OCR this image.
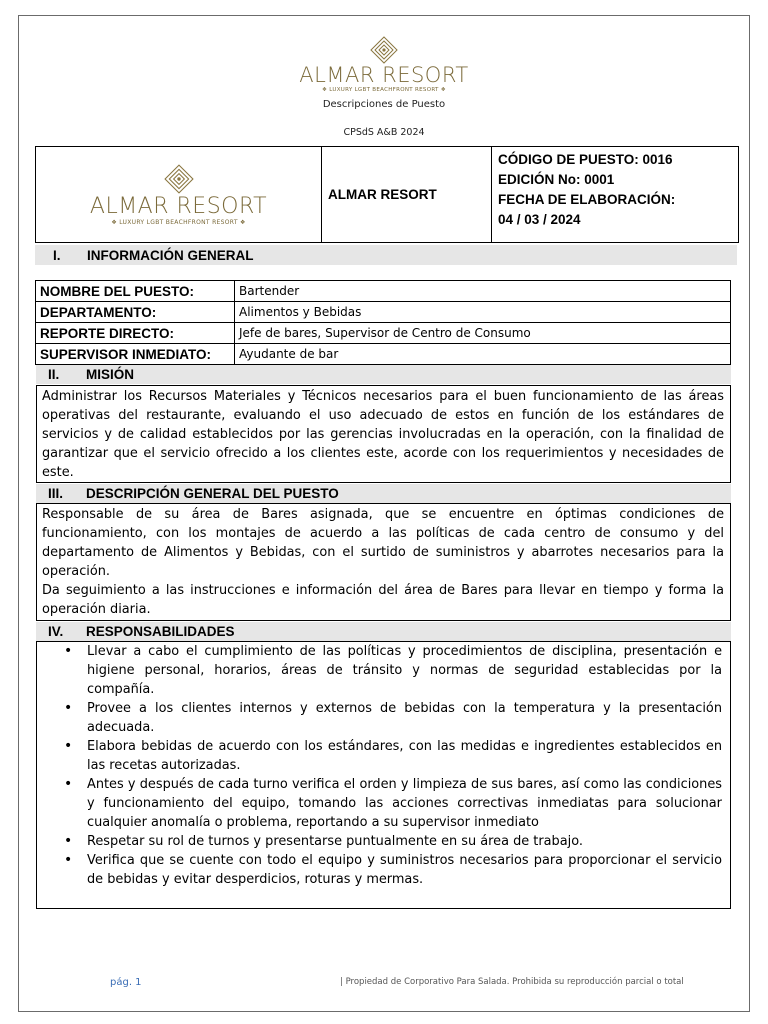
ALMAR RESORT
❖ LUXURY LGBT BEACHFRONT RESORT ❖
Descripciones de Puesto
CPSdS A&B 2024
ALMAR RESORT
❖ LUXURY LGBT BEACHFRONT RESORT ❖
ALMAR RESORT
CÓDIGO DE PUESTO: 0016
EDICIÓN No: 0001
FECHA DE ELABORACIÓN:
04 / 03 / 2024
I.	INFORMACIÓN GENERAL
NOMBRE DEL PUESTO:	Bartender
DEPARTAMENTO:	Alimentos y Bebidas
REPORTE DIRECTO:	Jefe de bares, Supervisor de Centro de Consumo
SUPERVISOR INMEDIATO:	Ayudante de bar
II.	MISIÓN

Administrar los Recursos Materiales y Técnicos necesarios para el buen funcionamiento de las áreas operativas del restaurante, evaluando el uso adecuado de estos en función de los estándares de servicios y de calidad establecidos por las gerencias involucradas en la operación, con la finalidad de garantizar que el servicio ofrecido a los clientes este, acorde con los requerimientos y necesidades de este.

III.	DESCRIPCIÓN GENERAL DEL PUESTO

Responsable de su área de Bares asignada, que se encuentre en óptimas condiciones de funcionamiento, con los montajes de acuerdo a las políticas de cada centro de consumo y del departamento de Alimentos y Bebidas, con el surtido de suministros y abarrotes necesarios para la operación.

Da seguimiento a las instrucciones e información del área de Bares para llevar en tiempo y forma la operación diaria.

IV.	RESPONSABILIDADES
• Llevar a cabo el cumplimiento de las políticas y procedimientos de disciplina, presentación e higiene personal, horarios, áreas de tránsito y normas de seguridad establecidas por la compañía.
• Provee a los clientes internos y externos de bebidas con la temperatura y la presentación adecuada.
• Elabora bebidas de acuerdo con los estándares, con las medidas e ingredientes establecidos en las recetas autorizadas.
• Antes y después de cada turno verifica el orden y limpieza de sus bares, así como las condiciones y funcionamiento del equipo, tomando las acciones correctivas inmediatas para solucionar cualquier anomalía o problema, reportando a su supervisor inmediato
• Respetar su rol de turnos y presentarse puntualmente en su área de trabajo.
• Verifica que se cuente con todo el equipo y suministros necesarios para proporcionar el servicio de bebidas y evitar desperdicios, roturas y mermas.
pág. 1	| Propiedad de Corporativo Para Salada. Prohibida su reproducción parcial o total
